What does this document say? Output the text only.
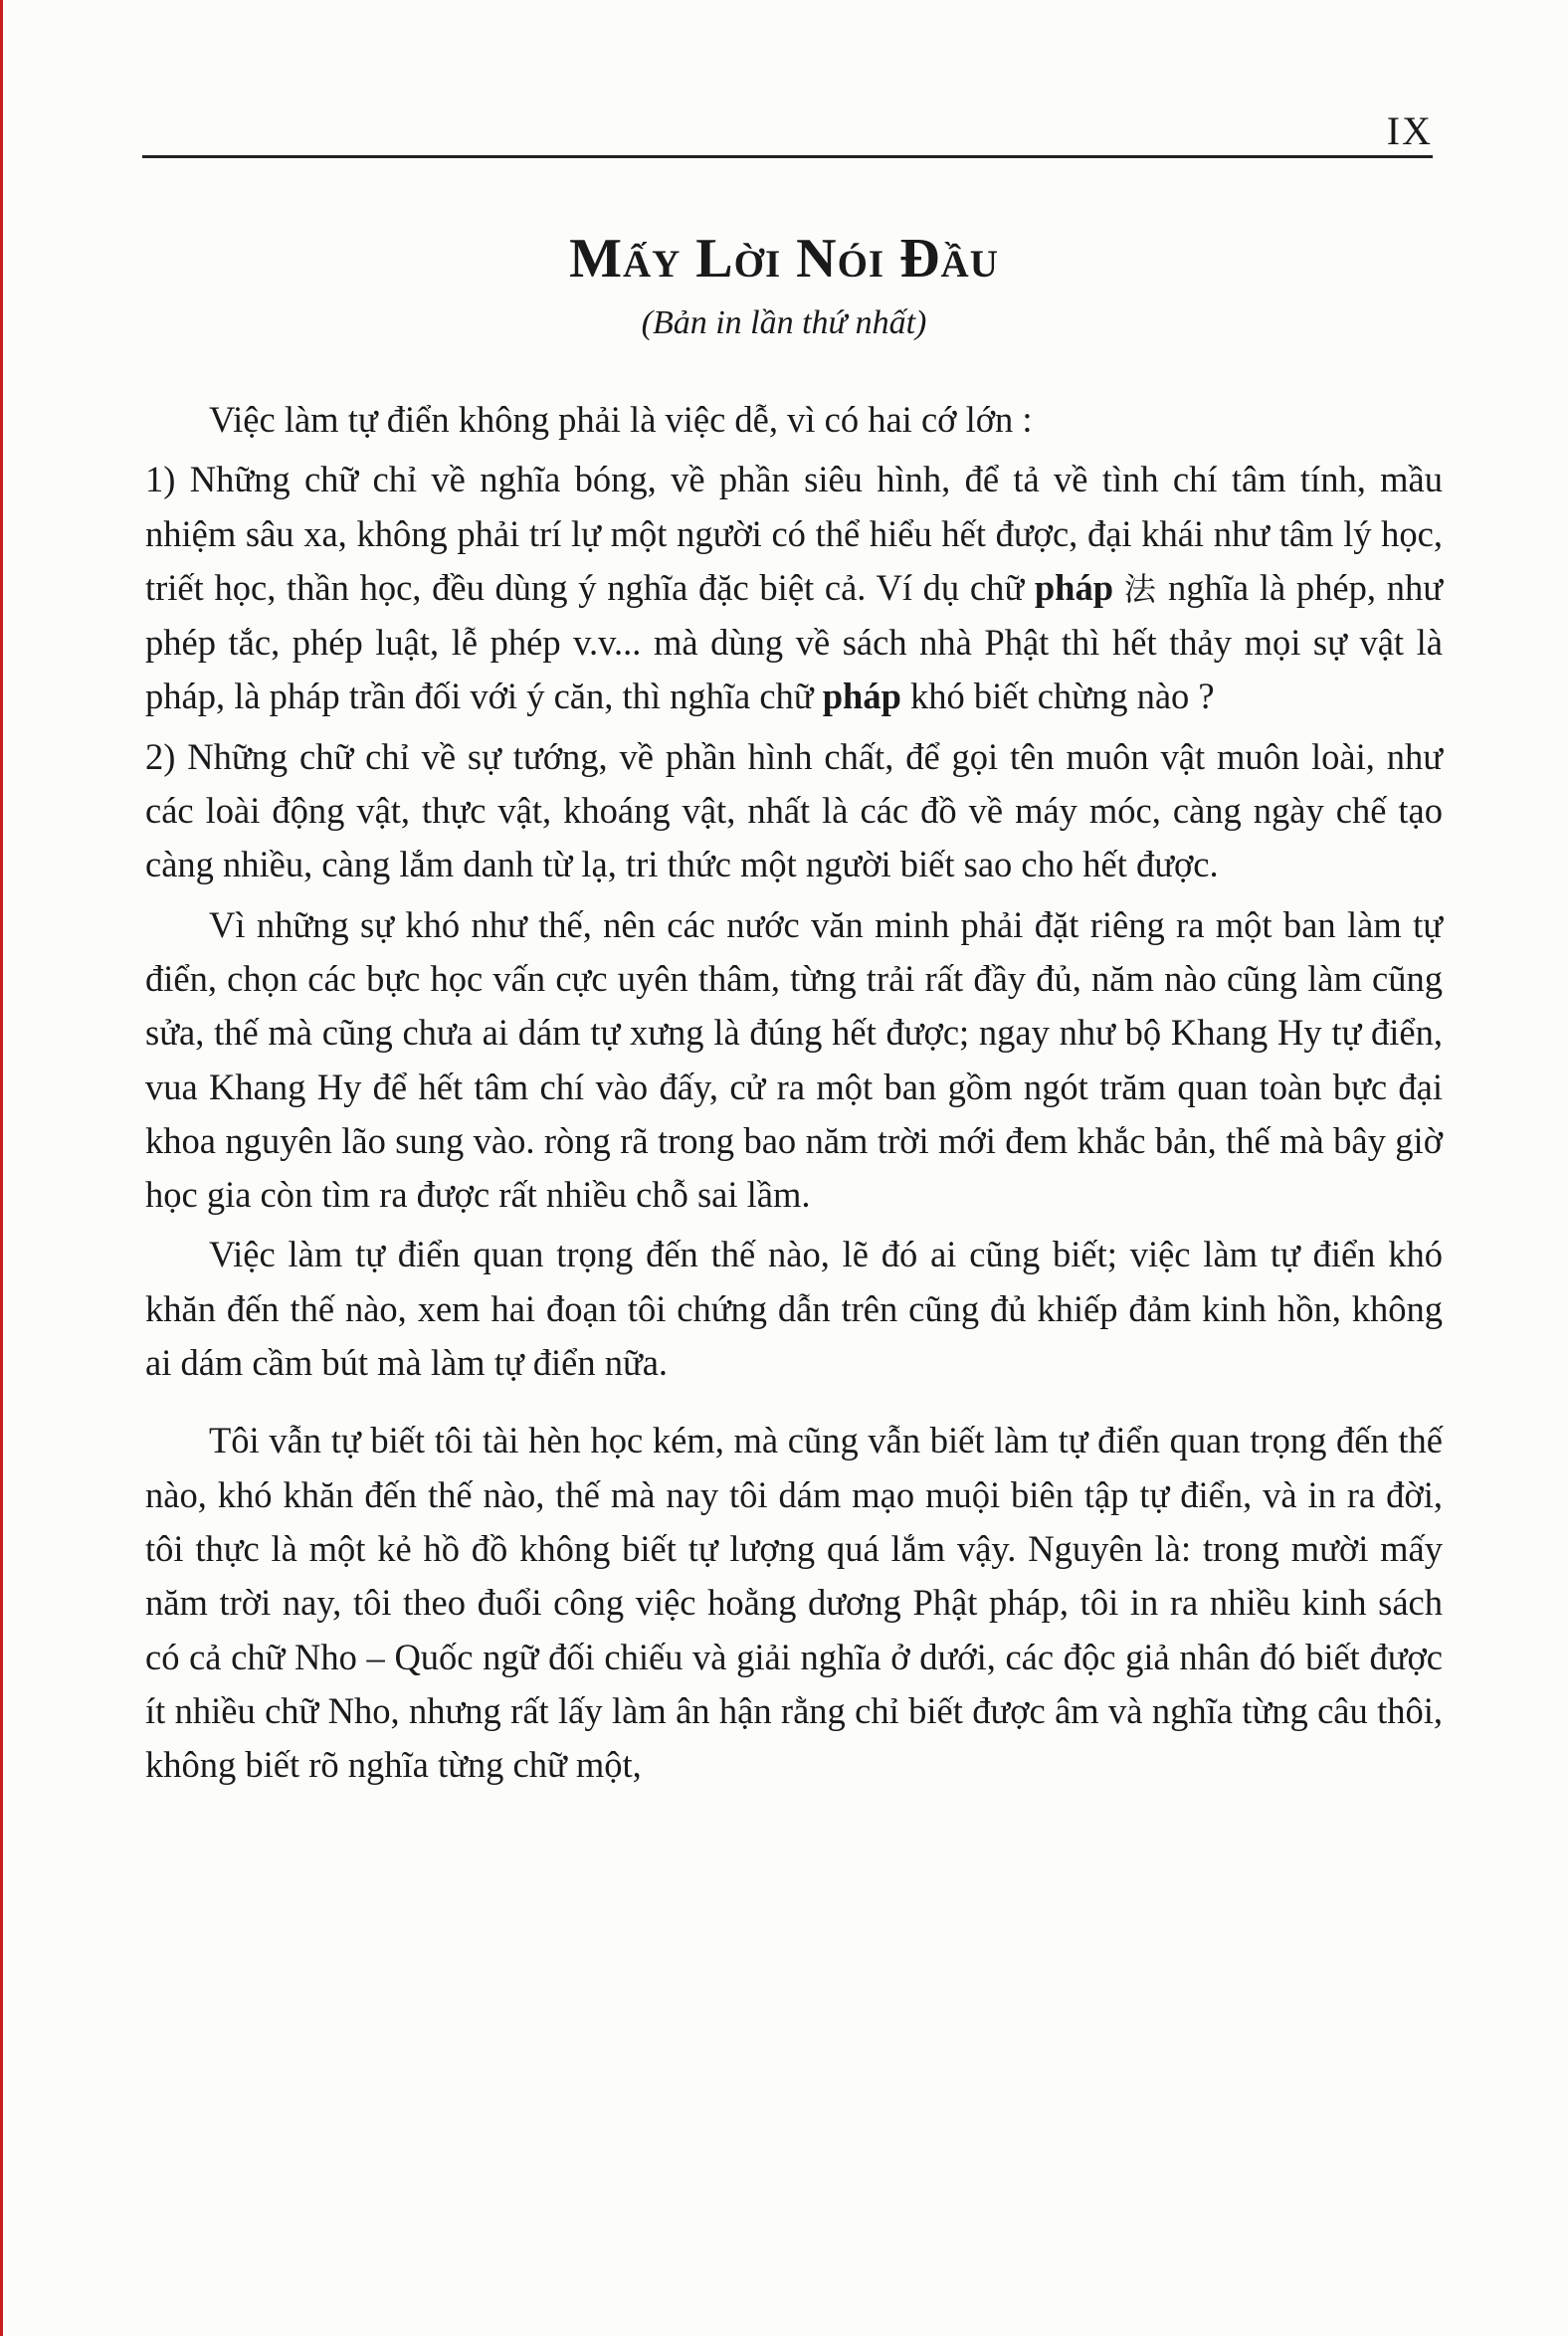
IX
Mấy Lời Nói Đầu
(Bản in lần thứ nhất)

Việc làm tự điển không phải là việc dễ, vì có hai cớ lớn :

1) Những chữ chỉ về nghĩa bóng, về phần siêu hình, để tả về tình chí tâm tính, mầu nhiệm sâu xa, không phải trí lự một người có thể hiểu hết được, đại khái như tâm lý học, triết học, thần học, đều dùng ý nghĩa đặc biệt cả. Ví dụ chữ pháp 法 nghĩa là phép, như phép tắc, phép luật, lễ phép v.v... mà dùng về sách nhà Phật thì hết thảy mọi sự vật là pháp, là pháp trần đối với ý căn, thì nghĩa chữ pháp khó biết chừng nào ?

2) Những chữ chỉ về sự tướng, về phần hình chất, để gọi tên muôn vật muôn loài, như các loài động vật, thực vật, khoáng vật, nhất là các đồ về máy móc, càng ngày chế tạo càng nhiều, càng lắm danh từ lạ, tri thức một người biết sao cho hết được.

Vì những sự khó như thế, nên các nước văn minh phải đặt riêng ra một ban làm tự điển, chọn các bực học vấn cực uyên thâm, từng trải rất đầy đủ, năm nào cũng làm cũng sửa, thế mà cũng chưa ai dám tự xưng là đúng hết được; ngay như bộ Khang Hy tự điển, vua Khang Hy để hết tâm chí vào đấy, cử ra một ban gồm ngót trăm quan toàn bực đại khoa nguyên lão sung vào. ròng rã trong bao năm trời mới đem khắc bản, thế mà bây giờ học gia còn tìm ra được rất nhiều chỗ sai lầm.

Việc làm tự điển quan trọng đến thế nào, lẽ đó ai cũng biết; việc làm tự điển khó khăn đến thế nào, xem hai đoạn tôi chứng dẫn trên cũng đủ khiếp đảm kinh hồn, không ai dám cầm bút mà làm tự điển nữa.

Tôi vẫn tự biết tôi tài hèn học kém, mà cũng vẫn biết làm tự điển quan trọng đến thế nào, khó khăn đến thế nào, thế mà nay tôi dám mạo muội biên tập tự điển, và in ra đời, tôi thực là một kẻ hồ đồ không biết tự lượng quá lắm vậy. Nguyên là: trong mười mấy năm trời nay, tôi theo đuổi công việc hoằng dương Phật pháp, tôi in ra nhiều kinh sách có cả chữ Nho – Quốc ngữ đối chiếu và giải nghĩa ở dưới, các độc giả nhân đó biết được ít nhiều chữ Nho, nhưng rất lấy làm ân hận rằng chỉ biết được âm và nghĩa từng câu thôi, không biết rõ nghĩa từng chữ một,
